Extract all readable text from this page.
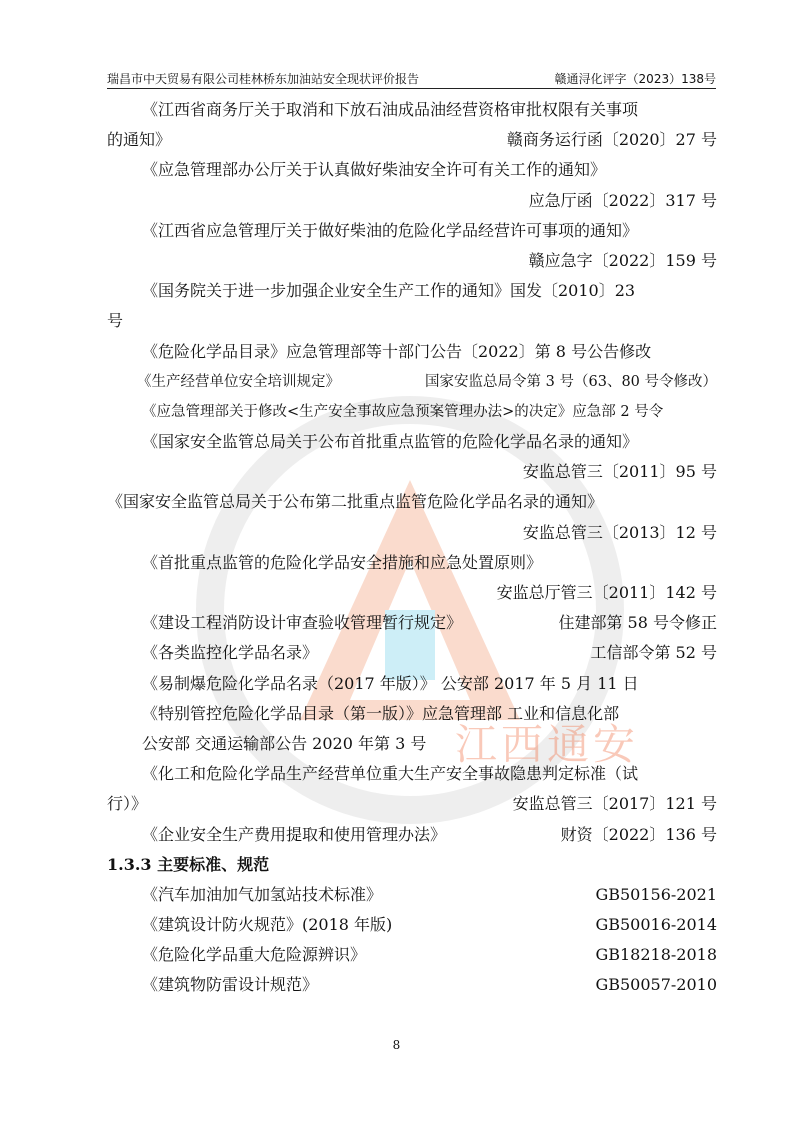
瑞昌市中天贸易有限公司桂林桥东加油站安全现状评价报告	赣通浔化评字（2023）138号
江西通安
《江西省商务厅关于取消和下放石油成品油经营资格审批权限有关事项
的通知》	赣商务运行函〔2020〕27 号
《应急管理部办公厅关于认真做好柴油安全许可有关工作的通知》
应急厅函〔2022〕317 号
《江西省应急管理厅关于做好柴油的危险化学品经营许可事项的通知》
赣应急字〔2022〕159 号
《国务院关于进一步加强企业安全生产工作的通知》国发〔2010〕23
号
《危险化学品目录》应急管理部等十部门公告〔2022〕第 8 号公告修改
《生产经营单位安全培训规定》	国家安监总局令第 3 号（63、80 号令修改）
《应急管理部关于修改<生产安全事故应急预案管理办法>的决定》应急部 2 号令
《国家安全监管总局关于公布首批重点监管的危险化学品名录的通知》
安监总管三〔2011〕95 号
《国家安全监管总局关于公布第二批重点监管危险化学品名录的通知》
安监总管三〔2013〕12 号
《首批重点监管的危险化学品安全措施和应急处置原则》
安监总厅管三〔2011〕142 号
《建设工程消防设计审查验收管理暂行规定》	住建部第 58 号令修正
《各类监控化学品名录》	工信部令第 52 号
《易制爆危险化学品名录（2017 年版）》 公安部 2017 年 5 月 11 日
《特别管控危险化学品目录（第一版）》应急管理部 工业和信息化部
公安部 交通运输部公告 2020 年第 3 号
《化工和危险化学品生产经营单位重大生产安全事故隐患判定标准（试
行）》	安监总管三〔2017〕121 号
《企业安全生产费用提取和使用管理办法》	财资〔2022〕136 号
1.3.3 主要标准、规范
《汽车加油加气加氢站技术标准》	GB50156-2021
《建筑设计防火规范》(2018 年版)	GB50016-2014
《危险化学品重大危险源辨识》	GB18218-2018
《建筑物防雷设计规范》	GB50057-2010
8
